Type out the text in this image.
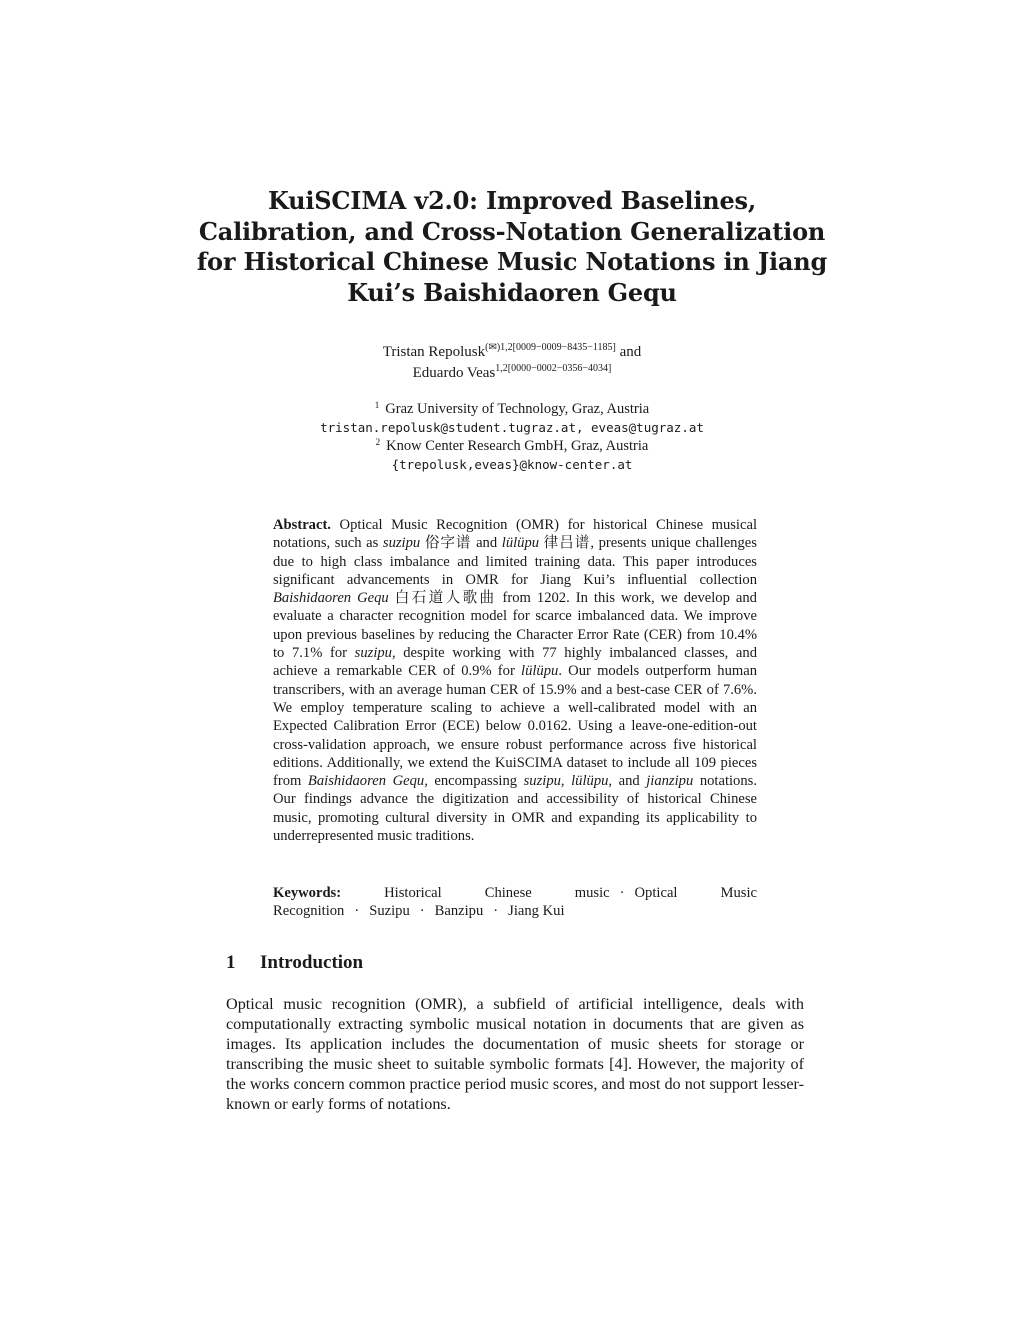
KuiSCIMA v2.0: Improved Baselines,
Calibration, and Cross-Notation Generalization
for Historical Chinese Music Notations in Jiang
Kui’s Baishidaoren Gequ
Tristan Repolusk$^{(✉)1,2[0009-0009-8435-1185]}$ and
Eduardo Veas$^{1,2[0000-0002-0356-4034]}$
$^1$ Graz University of Technology, Graz, Austria
tristan.repolusk@student.tugraz.at, eveas@tugraz.at
$^2$ Know Center Research GmbH, Graz, Austria
{trepolusk,eveas}@know-center.at
Abstract. Optical Music Recognition (OMR) for historical Chinese musical notations, such as suzipu 俗字谱 and lülüpu 律吕谱, presents unique challenges due to high class imbalance and limited training data. This paper introduces significant advancements in OMR for Jiang Kui’s influential collection Baishidaoren Gequ 白石道人歌曲 from 1202. In this work, we develop and evaluate a character recognition model for scarce imbalanced data. We improve upon previous baselines by reducing the Character Error Rate (CER) from 10.4% to 7.1% for suzipu, despite working with 77 highly imbalanced classes, and achieve a remarkable CER of 0.9% for lülüpu. Our models outperform human transcribers, with an average human CER of 15.9% and a best-case CER of 7.6%. We employ temperature scaling to achieve a well-calibrated model with an Expected Calibration Error (ECE) below 0.0162. Using a leave-one-edition-out cross-validation approach, we ensure robust performance across five historical editions. Additionally, we extend the KuiSCIMA dataset to include all 109 pieces from Baishidaoren Gequ, encompassing suzipu, lülüpu, and jianzipu notations. Our findings advance the digitization and accessibility of historical Chinese music, promoting cultural diversity in OMR and expanding its applicability to underrepresented music traditions.
Keywords:	Historical Chinese music · Optical Music Recognition · Suzipu · Banzipu · Jiang Kui
1 Introduction
Optical music recognition (OMR), a subfield of artificial intelligence, deals with computationally extracting symbolic musical notation in documents that are given as images. Its application includes the documentation of music sheets for storage or transcribing the music sheet to suitable symbolic formats [4]. However, the majority of the works concern common practice period music scores, and most do not support lesser-known or early forms of notations.
